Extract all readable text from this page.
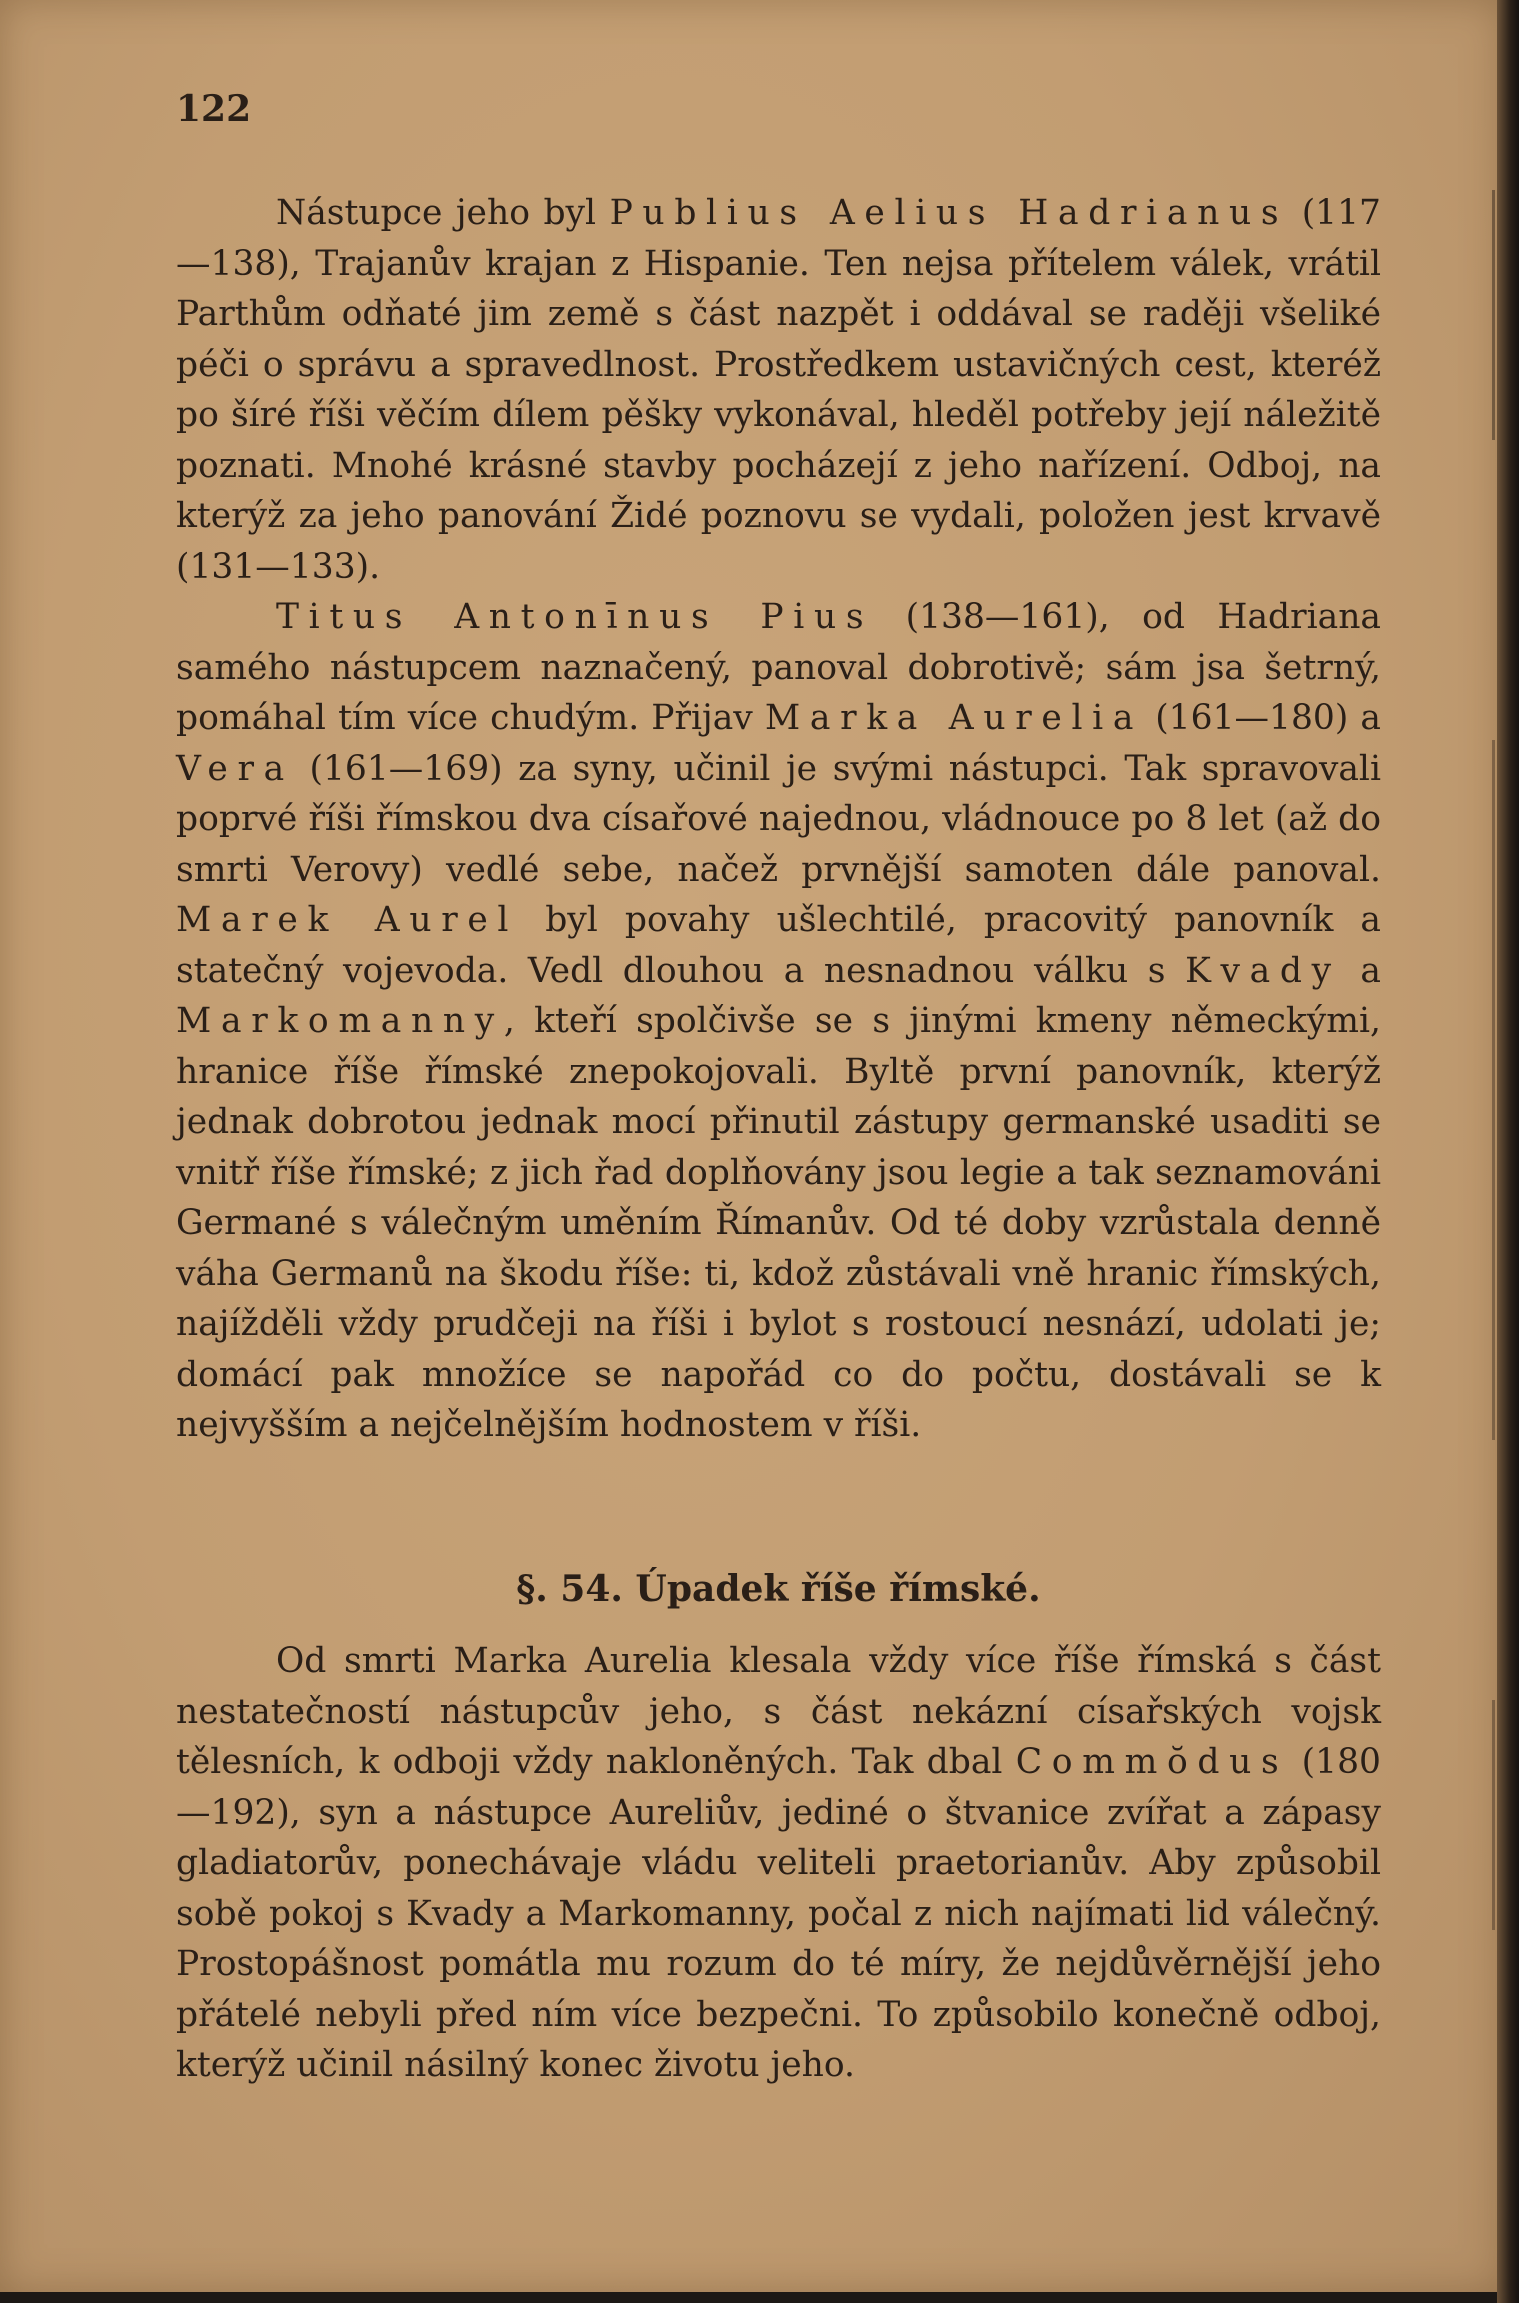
122

Nástupce jeho byl Publius Aelius Hadrianus (117—138), Trajanův krajan z Hispanie. Ten nejsa přítelem válek, vrátil Parthům odňaté jim země s část nazpět i oddával se raději všeliké péči o správu a spravedlnost. Prostředkem ustavičných cest, kteréž po šíré říši věčím dílem pěšky vykonával, hleděl potřeby její náležitě poznati. Mnohé krásné stavby pocházejí z jeho nařízení. Odboj, na kterýž za jeho panování Židé poznovu se vydali, položen jest krvavě (131—133).

Titus Antonīnus Pius (138—161), od Hadriana samého nástupcem naznačený, panoval dobrotivě; sám jsa šetrný, pomáhal tím více chudým. Přijav Marka Aurelia (161—180) a Vera (161—169) za syny, učinil je svými nástupci. Tak spravovali poprvé říši římskou dva císařové najednou, vládnouce po 8 let (až do smrti Verovy) vedlé sebe, načež prvnější samoten dále panoval. Marek Aurel byl povahy ušlechtilé, pracovitý panovník a statečný vojevoda. Vedl dlouhou a nesnadnou válku s Kvady a Markomanny, kteří spolčivše se s jinými kmeny německými, hranice říše římské znepokojovali. Byltě první panovník, kterýž jednak dobrotou jednak mocí přinutil zástupy germanské usaditi se vnitř říše římské; z jich řad doplňovány jsou legie a tak seznamováni Germané s válečným uměním Římanův. Od té doby vzrůstala denně váha Germanů na škodu říše: ti, kdož zůstávali vně hranic římských, najížděli vždy prudčeji na říši i bylot s rostoucí nesnází, udolati je; domácí pak množíce se napořád co do počtu, dostávali se k nejvyšším a nejčelnějším hodnostem v říši.

§. 54. Úpadek říše římské.

Od smrti Marka Aurelia klesala vždy více říše římská s část nestatečností nástupcův jeho, s část nekázní císařských vojsk tělesních, k odboji vždy nakloněných. Tak dbal Commŏdus (180—192), syn a nástupce Aureliův, jediné o štvanice zvířat a zápasy gladiatorův, ponechávaje vládu veliteli praetorianův. Aby způsobil sobě pokoj s Kvady a Markomanny, počal z nich najímati lid válečný. Prostopášnost pomátla mu rozum do té míry, že nejdůvěrnější jeho přátelé nebyli před ním více bezpečni. To způsobilo konečně odboj, kterýž učinil násilný konec životu jeho.
